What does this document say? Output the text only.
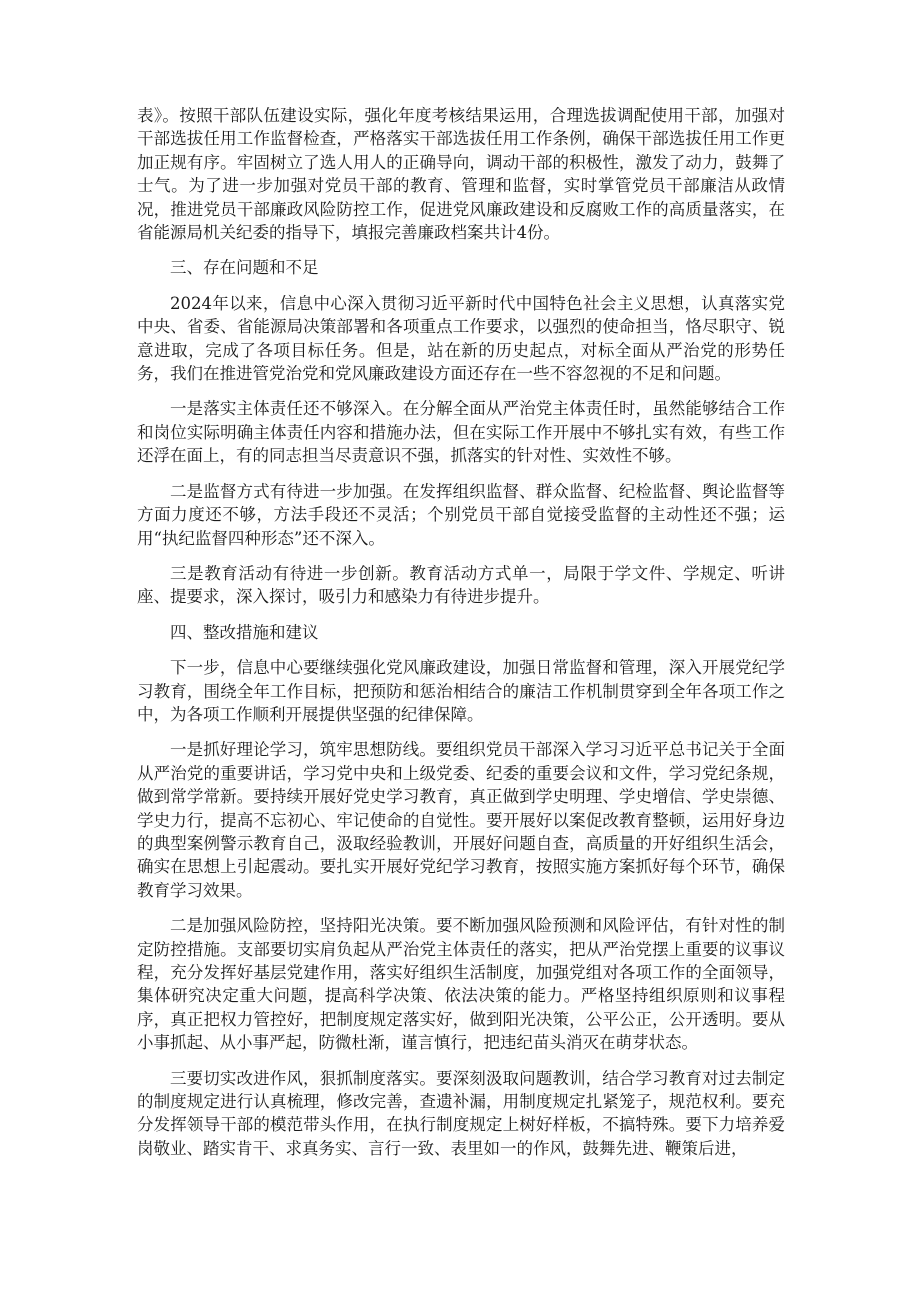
表》。按照干部队伍建设实际，强化年度考核结果运用，合理选拔调配使用干部，加强对干部选拔任用工作监督检查，严格落实干部选拔任用工作条例，确保干部选拔任用工作更加正规有序。牢固树立了选人用人的正确导向，调动干部的积极性，激发了动力，鼓舞了士气。为了进一步加强对党员干部的教育、管理和监督，实时掌管党员干部廉洁从政情况，推进党员干部廉政风险防控工作，促进党风廉政建设和反腐败工作的高质量落实，在省能源局机关纪委的指导下，填报完善廉政档案共计4份。

三、存在问题和不足

2024年以来，信息中心深入贯彻习近平新时代中国特色社会主义思想，认真落实党中央、省委、省能源局决策部署和各项重点工作要求，以强烈的使命担当，恪尽职守、锐意进取，完成了各项目标任务。但是，站在新的历史起点，对标全面从严治党的形势任务，我们在推进管党治党和党风廉政建设方面还存在一些不容忽视的不足和问题。

一是落实主体责任还不够深入。在分解全面从严治党主体责任时，虽然能够结合工作和岗位实际明确主体责任内容和措施办法，但在实际工作开展中不够扎实有效，有些工作还浮在面上，有的同志担当尽责意识不强，抓落实的针对性、实效性不够。

二是监督方式有待进一步加强。在发挥组织监督、群众监督、纪检监督、舆论监督等方面力度还不够，方法手段还不灵活；个别党员干部自觉接受监督的主动性还不强；运用“执纪监督四种形态”还不深入。

三是教育活动有待进一步创新。教育活动方式单一，局限于学文件、学规定、听讲座、提要求，深入探讨，吸引力和感染力有待进步提升。

四、整改措施和建议

下一步，信息中心要继续强化党风廉政建设，加强日常监督和管理，深入开展党纪学习教育，围绕全年工作目标，把预防和惩治相结合的廉洁工作机制贯穿到全年各项工作之中，为各项工作顺利开展提供坚强的纪律保障。

一是抓好理论学习，筑牢思想防线。要组织党员干部深入学习习近平总书记关于全面从严治党的重要讲话，学习党中央和上级党委、纪委的重要会议和文件，学习党纪条规，做到常学常新。要持续开展好党史学习教育，真正做到学史明理、学史增信、学史崇德、学史力行，提高不忘初心、牢记使命的自觉性。要开展好以案促改教育整顿，运用好身边的典型案例警示教育自己，汲取经验教训，开展好问题自查，高质量的开好组织生活会，确实在思想上引起震动。要扎实开展好党纪学习教育，按照实施方案抓好每个环节，确保教育学习效果。

二是加强风险防控，坚持阳光决策。要不断加强风险预测和风险评估，有针对性的制定防控措施。支部要切实肩负起从严治党主体责任的落实，把从严治党摆上重要的议事议程，充分发挥好基层党建作用，落实好组织生活制度，加强党组对各项工作的全面领导，集体研究决定重大问题，提高科学决策、依法决策的能力。严格坚持组织原则和议事程序，真正把权力管控好，把制度规定落实好，做到阳光决策，公平公正，公开透明。要从小事抓起、从小事严起，防微杜渐，谨言慎行，把违纪苗头消灭在萌芽状态。

三要切实改进作风，狠抓制度落实。要深刻汲取问题教训，结合学习教育对过去制定的制度规定进行认真梳理，修改完善，查遗补漏，用制度规定扎紧笼子，规范权利。要充分发挥领导干部的模范带头作用，在执行制度规定上树好样板，不搞特殊。要下力培养爱岗敬业、踏实肯干、求真务实、言行一致、表里如一的作风，鼓舞先进、鞭策后进，
